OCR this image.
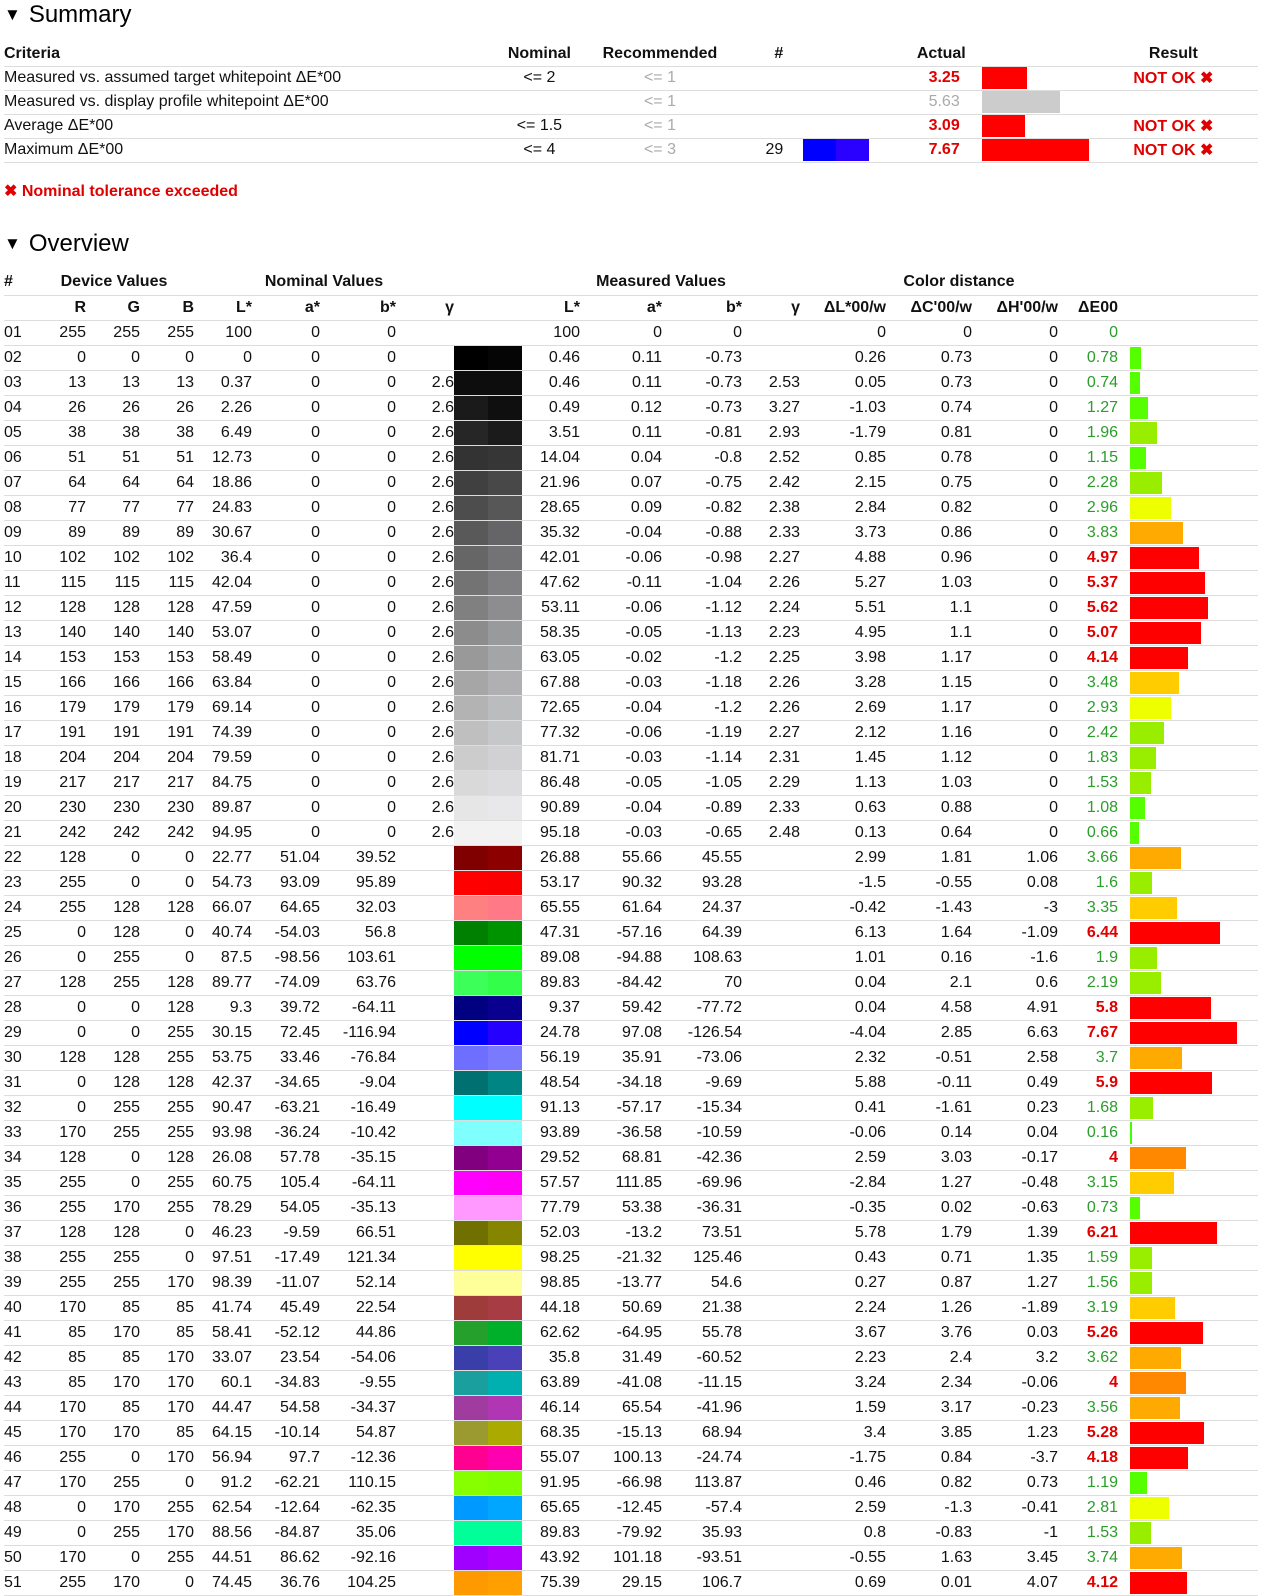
▼ Summary
Criteria	Nominal	Recommended	#		Actual		Result
Measured vs. assumed target whitepoint ΔE*00	<= 2	<= 1			3.25		NOT OK ✖
Measured vs. display profile whitepoint ΔE*00		<= 1			5.63	

Average ΔE*00	<= 1.5	<= 1			3.09		NOT OK ✖
Maximum ΔE*00	<= 4	<= 3	29		7.67		NOT OK ✖
✖ Nominal tolerance exceeded
▼ Overview
#	Device Values			Nominal Values					Measured Values				Color distance				
	R	G	B	L*	a*	b*	γ		L*	a*	b*	γ	ΔL*00/w	ΔC'00/w	ΔH'00/w	ΔE00	
01	255	255	255	100	0	0			100	0	0		0	0	0	0	

02	0	0	0	0	0	0			0.46	0.11	-0.73		0.26	0.73	0	0.78	

03	13	13	13	0.37	0	0	2.6		0.46	0.11	-0.73	2.53	0.05	0.73	0	0.74	

04	26	26	26	2.26	0	0	2.6		0.49	0.12	-0.73	3.27	-1.03	0.74	0	1.27	

05	38	38	38	6.49	0	0	2.6		3.51	0.11	-0.81	2.93	-1.79	0.81	0	1.96	

06	51	51	51	12.73	0	0	2.6		14.04	0.04	-0.8	2.52	0.85	0.78	0	1.15	

07	64	64	64	18.86	0	0	2.6		21.96	0.07	-0.75	2.42	2.15	0.75	0	2.28	

08	77	77	77	24.83	0	0	2.6		28.65	0.09	-0.82	2.38	2.84	0.82	0	2.96	

09	89	89	89	30.67	0	0	2.6		35.32	-0.04	-0.88	2.33	3.73	0.86	0	3.83	

10	102	102	102	36.4	0	0	2.6		42.01	-0.06	-0.98	2.27	4.88	0.96	0	4.97	

11	115	115	115	42.04	0	0	2.6		47.62	-0.11	-1.04	2.26	5.27	1.03	0	5.37	

12	128	128	128	47.59	0	0	2.6		53.11	-0.06	-1.12	2.24	5.51	1.1	0	5.62	

13	140	140	140	53.07	0	0	2.6		58.35	-0.05	-1.13	2.23	4.95	1.1	0	5.07	

14	153	153	153	58.49	0	0	2.6		63.05	-0.02	-1.2	2.25	3.98	1.17	0	4.14	

15	166	166	166	63.84	0	0	2.6		67.88	-0.03	-1.18	2.26	3.28	1.15	0	3.48	

16	179	179	179	69.14	0	0	2.6		72.65	-0.04	-1.2	2.26	2.69	1.17	0	2.93	

17	191	191	191	74.39	0	0	2.6		77.32	-0.06	-1.19	2.27	2.12	1.16	0	2.42	

18	204	204	204	79.59	0	0	2.6		81.71	-0.03	-1.14	2.31	1.45	1.12	0	1.83	

19	217	217	217	84.75	0	0	2.6		86.48	-0.05	-1.05	2.29	1.13	1.03	0	1.53	

20	230	230	230	89.87	0	0	2.6		90.89	-0.04	-0.89	2.33	0.63	0.88	0	1.08	

21	242	242	242	94.95	0	0	2.6		95.18	-0.03	-0.65	2.48	0.13	0.64	0	0.66	

22	128	0	0	22.77	51.04	39.52			26.88	55.66	45.55		2.99	1.81	1.06	3.66	

23	255	0	0	54.73	93.09	95.89			53.17	90.32	93.28		-1.5	-0.55	0.08	1.6	

24	255	128	128	66.07	64.65	32.03			65.55	61.64	24.37		-0.42	-1.43	-3	3.35	

25	0	128	0	40.74	-54.03	56.8			47.31	-57.16	64.39		6.13	1.64	-1.09	6.44	

26	0	255	0	87.5	-98.56	103.61			89.08	-94.88	108.63		1.01	0.16	-1.6	1.9	

27	128	255	128	89.77	-74.09	63.76			89.83	-84.42	70		0.04	2.1	0.6	2.19	

28	0	0	128	9.3	39.72	-64.11			9.37	59.42	-77.72		0.04	4.58	4.91	5.8	

29	0	0	255	30.15	72.45	-116.94			24.78	97.08	-126.54		-4.04	2.85	6.63	7.67	

30	128	128	255	53.75	33.46	-76.84			56.19	35.91	-73.06		2.32	-0.51	2.58	3.7	

31	0	128	128	42.37	-34.65	-9.04			48.54	-34.18	-9.69		5.88	-0.11	0.49	5.9	

32	0	255	255	90.47	-63.21	-16.49			91.13	-57.17	-15.34		0.41	-1.61	0.23	1.68	

33	170	255	255	93.98	-36.24	-10.42			93.89	-36.58	-10.59		-0.06	0.14	0.04	0.16	

34	128	0	128	26.08	57.78	-35.15			29.52	68.81	-42.36		2.59	3.03	-0.17	4	

35	255	0	255	60.75	105.4	-64.11			57.57	111.85	-69.96		-2.84	1.27	-0.48	3.15	

36	255	170	255	78.29	54.05	-35.13			77.79	53.38	-36.31		-0.35	0.02	-0.63	0.73	

37	128	128	0	46.23	-9.59	66.51			52.03	-13.2	73.51		5.78	1.79	1.39	6.21	

38	255	255	0	97.51	-17.49	121.34			98.25	-21.32	125.46		0.43	0.71	1.35	1.59	

39	255	255	170	98.39	-11.07	52.14			98.85	-13.77	54.6		0.27	0.87	1.27	1.56	

40	170	85	85	41.74	45.49	22.54			44.18	50.69	21.38		2.24	1.26	-1.89	3.19	

41	85	170	85	58.41	-52.12	44.86			62.62	-64.95	55.78		3.67	3.76	0.03	5.26	

42	85	85	170	33.07	23.54	-54.06			35.8	31.49	-60.52		2.23	2.4	3.2	3.62	

43	85	170	170	60.1	-34.83	-9.55			63.89	-41.08	-11.15		3.24	2.34	-0.06	4	

44	170	85	170	44.47	54.58	-34.37			46.14	65.54	-41.96		1.59	3.17	-0.23	3.56	

45	170	170	85	64.15	-10.14	54.87			68.35	-15.13	68.94		3.4	3.85	1.23	5.28	

46	255	0	170	56.94	97.7	-12.36			55.07	100.13	-24.74		-1.75	0.84	-3.7	4.18	

47	170	255	0	91.2	-62.21	110.15			91.95	-66.98	113.87		0.46	0.82	0.73	1.19	

48	0	170	255	62.54	-12.64	-62.35			65.65	-12.45	-57.4		2.59	-1.3	-0.41	2.81	

49	0	255	170	88.56	-84.87	35.06			89.83	-79.92	35.93		0.8	-0.83	-1	1.53	

50	170	0	255	44.51	86.62	-92.16			43.92	101.18	-93.51		-0.55	1.63	3.45	3.74	

51	255	170	0	74.45	36.76	104.25			75.39	29.15	106.7		0.69	0.01	4.07	4.12	
